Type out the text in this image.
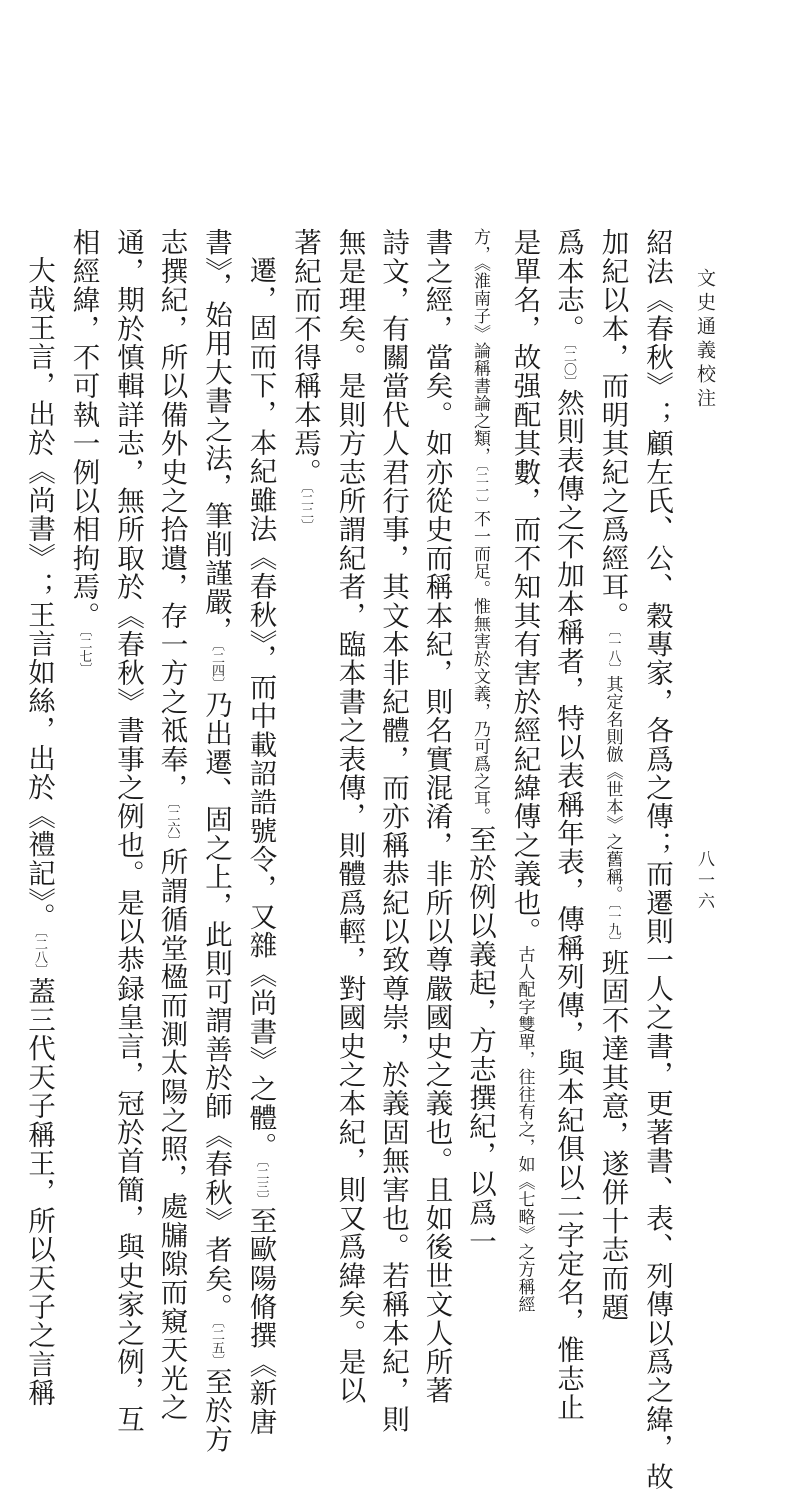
文史通義校注
八一六
紹法《春秋》；顧左氏、公、穀專家，各爲之傳；而遷則一人之書，更著書、表、列傳以爲之緯，故
加紀以本，而明其紀之爲經耳。〔一八〕其定名則倣《世本》之舊稱。〔一九〕班固不達其意，遂併十志而題
爲本志。〔二〇〕然則表傳之不加本稱者，特以表稱年表，傳稱列傳，與本紀俱以二字定名，惟志止
是單名，故强配其數，而不知其有害於經紀緯傳之義也。古人配字雙單，往往有之，如《七略》之方稱經
方，《淮南子》論稱書論之類，〔二一〕不一而足。惟無害於文義，乃可爲之耳。至於例以義起，方志撰紀，以爲一
書之經，當矣。如亦從史而稱本紀，則名實混淆，非所以尊嚴國史之義也。且如後世文人所著
詩文，有關當代人君行事，其文本非紀體，而亦稱恭紀以致尊崇，於義固無害也。若稱本紀，則
無是理矣。是則方志所謂紀者，臨本書之表傳，則體爲輕，對國史之本紀，則又爲緯矣。是以
著紀而不得稱本焉。〔二二〕
遷，固而下，本紀雖法《春秋》，而中載詔誥號令，又雜《尚書》之體。〔二三〕至歐陽脩撰《新唐
書》，始用大書之法，筆削謹嚴，〔二四〕乃出遷、固之上，此則可謂善於師《春秋》者矣。〔二五〕至於方
志撰紀，所以備外史之拾遺，存一方之祗奉，〔二六〕所謂循堂楹而測太陽之照，處牖隙而窺天光之
通，期於慎輯詳志，無所取於《春秋》書事之例也。是以恭録皇言，冠於首簡，與史家之例，互
相經緯，不可執一例以相拘焉。〔二七〕
大哉王言，出於《尚書》；王言如絲，出於《禮記》。〔二八〕蓋三代天子稱王，所以天子之言稱
